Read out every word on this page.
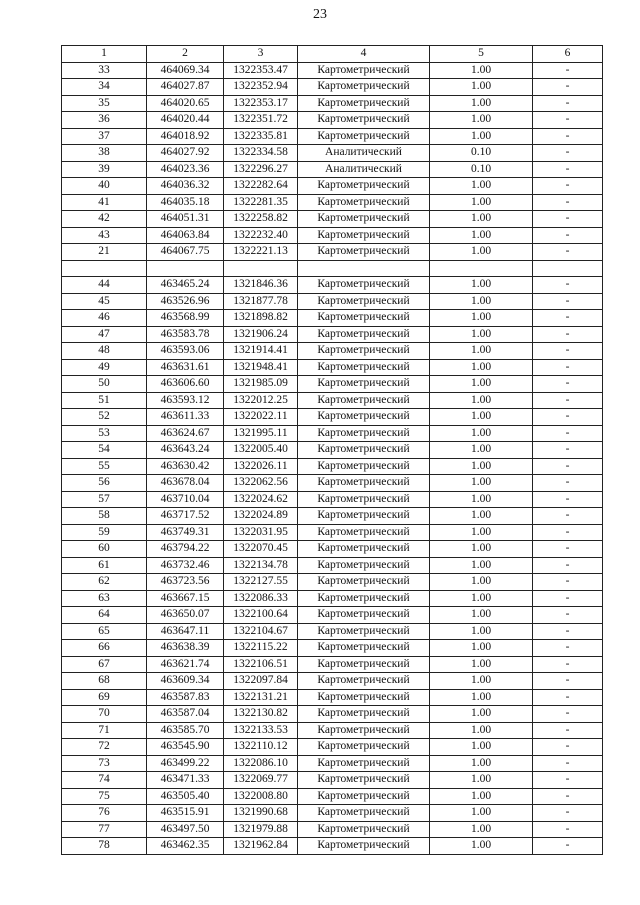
23
1	2	3	4	5	6
33	464069.34	1322353.47	Картометрический	1.00	-
34	464027.87	1322352.94	Картометрический	1.00	-
35	464020.65	1322353.17	Картометрический	1.00	-
36	464020.44	1322351.72	Картометрический	1.00	-
37	464018.92	1322335.81	Картометрический	1.00	-
38	464027.92	1322334.58	Аналитический	0.10	-
39	464023.36	1322296.27	Аналитический	0.10	-
40	464036.32	1322282.64	Картометрический	1.00	-
41	464035.18	1322281.35	Картометрический	1.00	-
42	464051.31	1322258.82	Картометрический	1.00	-
43	464063.84	1322232.40	Картометрический	1.00	-
21	464067.75	1322221.13	Картометрический	1.00	-

44	463465.24	1321846.36	Картометрический	1.00	-
45	463526.96	1321877.78	Картометрический	1.00	-
46	463568.99	1321898.82	Картометрический	1.00	-
47	463583.78	1321906.24	Картометрический	1.00	-
48	463593.06	1321914.41	Картометрический	1.00	-
49	463631.61	1321948.41	Картометрический	1.00	-
50	463606.60	1321985.09	Картометрический	1.00	-
51	463593.12	1322012.25	Картометрический	1.00	-
52	463611.33	1322022.11	Картометрический	1.00	-
53	463624.67	1321995.11	Картометрический	1.00	-
54	463643.24	1322005.40	Картометрический	1.00	-
55	463630.42	1322026.11	Картометрический	1.00	-
56	463678.04	1322062.56	Картометрический	1.00	-
57	463710.04	1322024.62	Картометрический	1.00	-
58	463717.52	1322024.89	Картометрический	1.00	-
59	463749.31	1322031.95	Картометрический	1.00	-
60	463794.22	1322070.45	Картометрический	1.00	-
61	463732.46	1322134.78	Картометрический	1.00	-
62	463723.56	1322127.55	Картометрический	1.00	-
63	463667.15	1322086.33	Картометрический	1.00	-
64	463650.07	1322100.64	Картометрический	1.00	-
65	463647.11	1322104.67	Картометрический	1.00	-
66	463638.39	1322115.22	Картометрический	1.00	-
67	463621.74	1322106.51	Картометрический	1.00	-
68	463609.34	1322097.84	Картометрический	1.00	-
69	463587.83	1322131.21	Картометрический	1.00	-
70	463587.04	1322130.82	Картометрический	1.00	-
71	463585.70	1322133.53	Картометрический	1.00	-
72	463545.90	1322110.12	Картометрический	1.00	-
73	463499.22	1322086.10	Картометрический	1.00	-
74	463471.33	1322069.77	Картометрический	1.00	-
75	463505.40	1322008.80	Картометрический	1.00	-
76	463515.91	1321990.68	Картометрический	1.00	-
77	463497.50	1321979.88	Картометрический	1.00	-
78	463462.35	1321962.84	Картометрический	1.00	-
